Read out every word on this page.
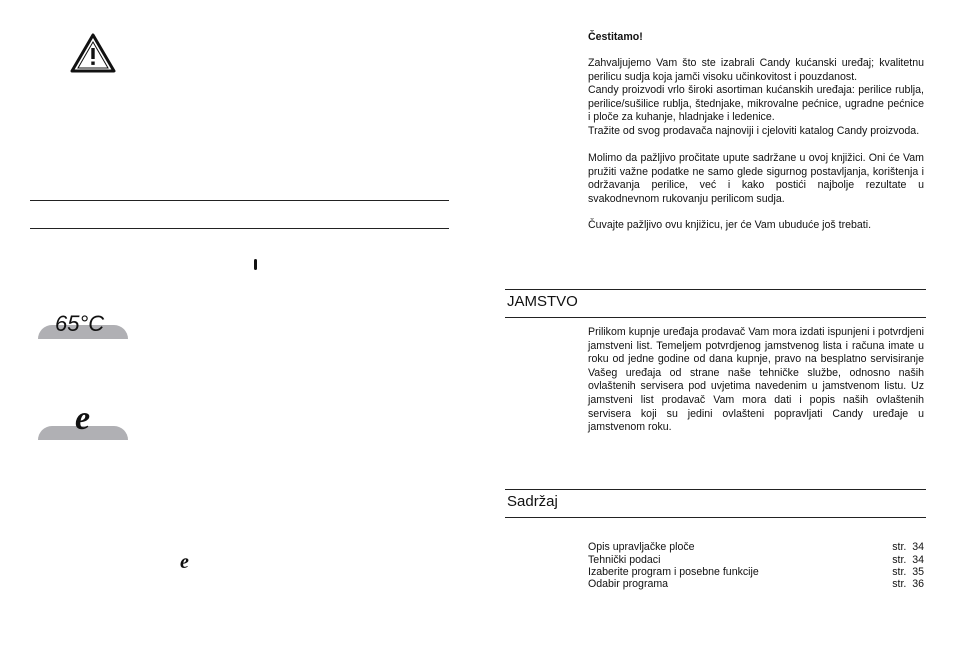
65°C
e
e
Čestitamo!

Zahvaljujemo Vam što ste izabrali Candy kućanski uređaj; kvalitetnu perilicu sudja koja jamči visoku učinkovitost i pouzdanost.

Candy proizvodi vrlo široki asortiman kućanskih uređaja: perilice rublja, perilice/sušilice rublja, štednjake, mikrovalne pećnice, ugradne pećnice i ploče za kuhanje, hladnjake i ledenice.

Tražite od svog prodavača najnoviji i cjeloviti katalog Candy proizvoda.

Molimo da pažljivo pročitate upute sadržane u ovoj knjižici. Oni će Vam pružiti važne podatke ne samo glede sigurnog postavljanja, korištenja i održavanja perilice, već i kako postići najbolje rezultate u svakodnevnom rukovanju perilicom sudja.

Čuvajte pažljivo ovu knjižicu, jer će Vam ubuduće još trebati.

JAMSTVO

Prilikom kupnje uređaja prodavač Vam mora izdati ispunjeni i potvrdjeni jamstveni list. Temeljem potvrdjenog jamstvenog lista i računa imate u roku od jedne godine od dana kupnje, pravo na besplatno servisiranje Vašeg uređaja od strane naše tehničke službe, odnosno naših ovlaštenih servisera pod uvjetima navedenim u jamstvenom listu. Uz jamstveni list prodavač Vam mora dati i popis naših ovlaštenih servisera koji su jedini ovlašteni popravljati Candy uređaje u jamstvenom roku.

Sadržaj
Opis upravljačke ploče	str.  34
Tehnički podaci	str.  34
Izaberite program i posebne funkcije	str.  35
Odabir programa	str.  36
